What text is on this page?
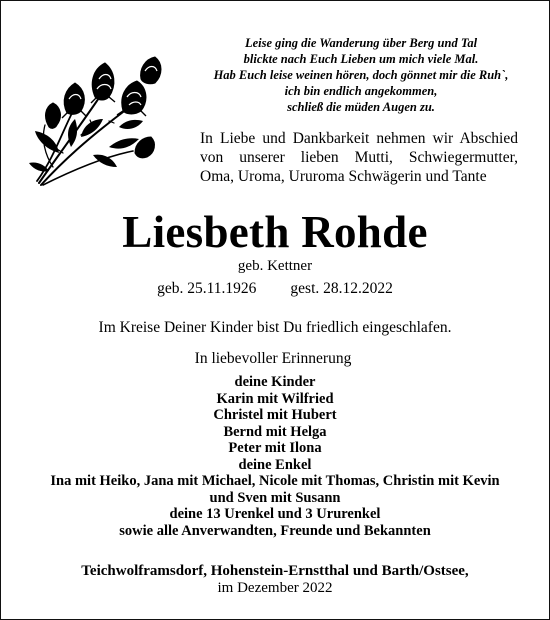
Leise ging die Wanderung über Berg und Tal
blickte nach Euch Lieben um mich viele Mal.
Hab Euch leise weinen hören, doch gönnet mir die Ruh`,
ich bin endlich angekommen,
schließ die müden Augen zu.
In Liebe und Dankbarkeit nehmen wir Abschied
von unserer lieben Mutti, Schwiegermutter,
Oma, Uroma, Ururoma Schwägerin und Tante
Liesbeth Rohde
geb. Kettner
geb. 25.11.1926 gest. 28.12.2022
Im Kreise Deiner Kinder bist Du friedlich eingeschlafen.
In liebevoller Erinnerung
deine Kinder
Karin mit Wilfried
Christel mit Hubert
Bernd mit Helga
Peter mit Ilona
deine Enkel
Ina mit Heiko, Jana mit Michael, Nicole mit Thomas, Christin mit Kevin
und Sven mit Susann
deine 13 Urenkel und 3 Ururenkel
sowie alle Anverwandten, Freunde und Bekannten
Teichwolframsdorf, Hohenstein-Ernstthal und Barth/Ostsee,
im Dezember 2022
